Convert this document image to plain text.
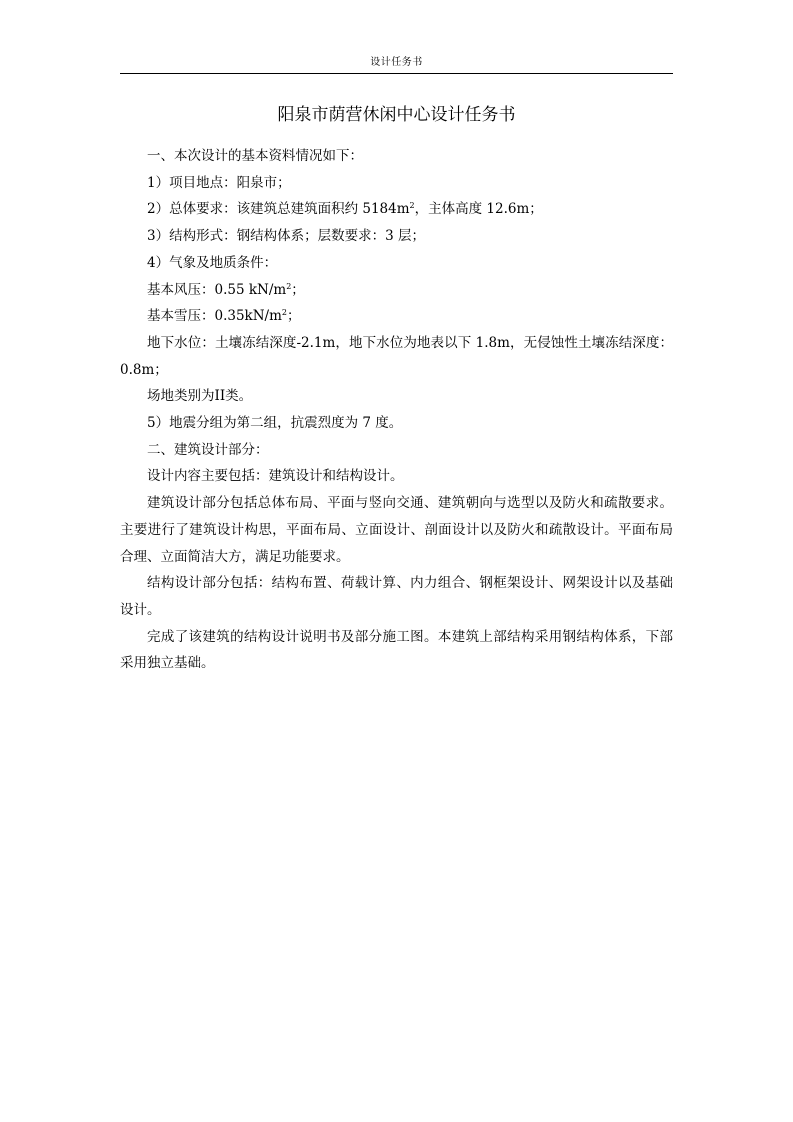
设计任务书
阳泉市荫营休闲中心设计任务书

一、本次设计的基本资料情况如下：

1）项目地点：阳泉市；

2）总体要求：该建筑总建筑面积约 $5184m^2$，主体高度 12.6m；

3）结构形式：钢结构体系；层数要求：3 层；

4）气象及地质条件：

基本风压：0.55 $kN/m^2$；

基本雪压：$0.35kN/m^2$；

地下水位：土壤冻结深度-2.1m，地下水位为地表以下 1.8m，无侵蚀性土壤冻结深度：0.8m；

场地类别为II类。

5）地震分组为第二组，抗震烈度为 7 度。

二、建筑设计部分：

设计内容主要包括：建筑设计和结构设计。

建筑设计部分包括总体布局、平面与竖向交通、建筑朝向与选型以及防火和疏散要求。主要进行了建筑设计构思，平面布局、立面设计、剖面设计以及防火和疏散设计。平面布局合理、立面简洁大方，满足功能要求。

结构设计部分包括：结构布置、荷载计算、内力组合、钢框架设计、网架设计以及基础设计。

完成了该建筑的结构设计说明书及部分施工图。本建筑上部结构采用钢结构体系，下部采用独立基础。
